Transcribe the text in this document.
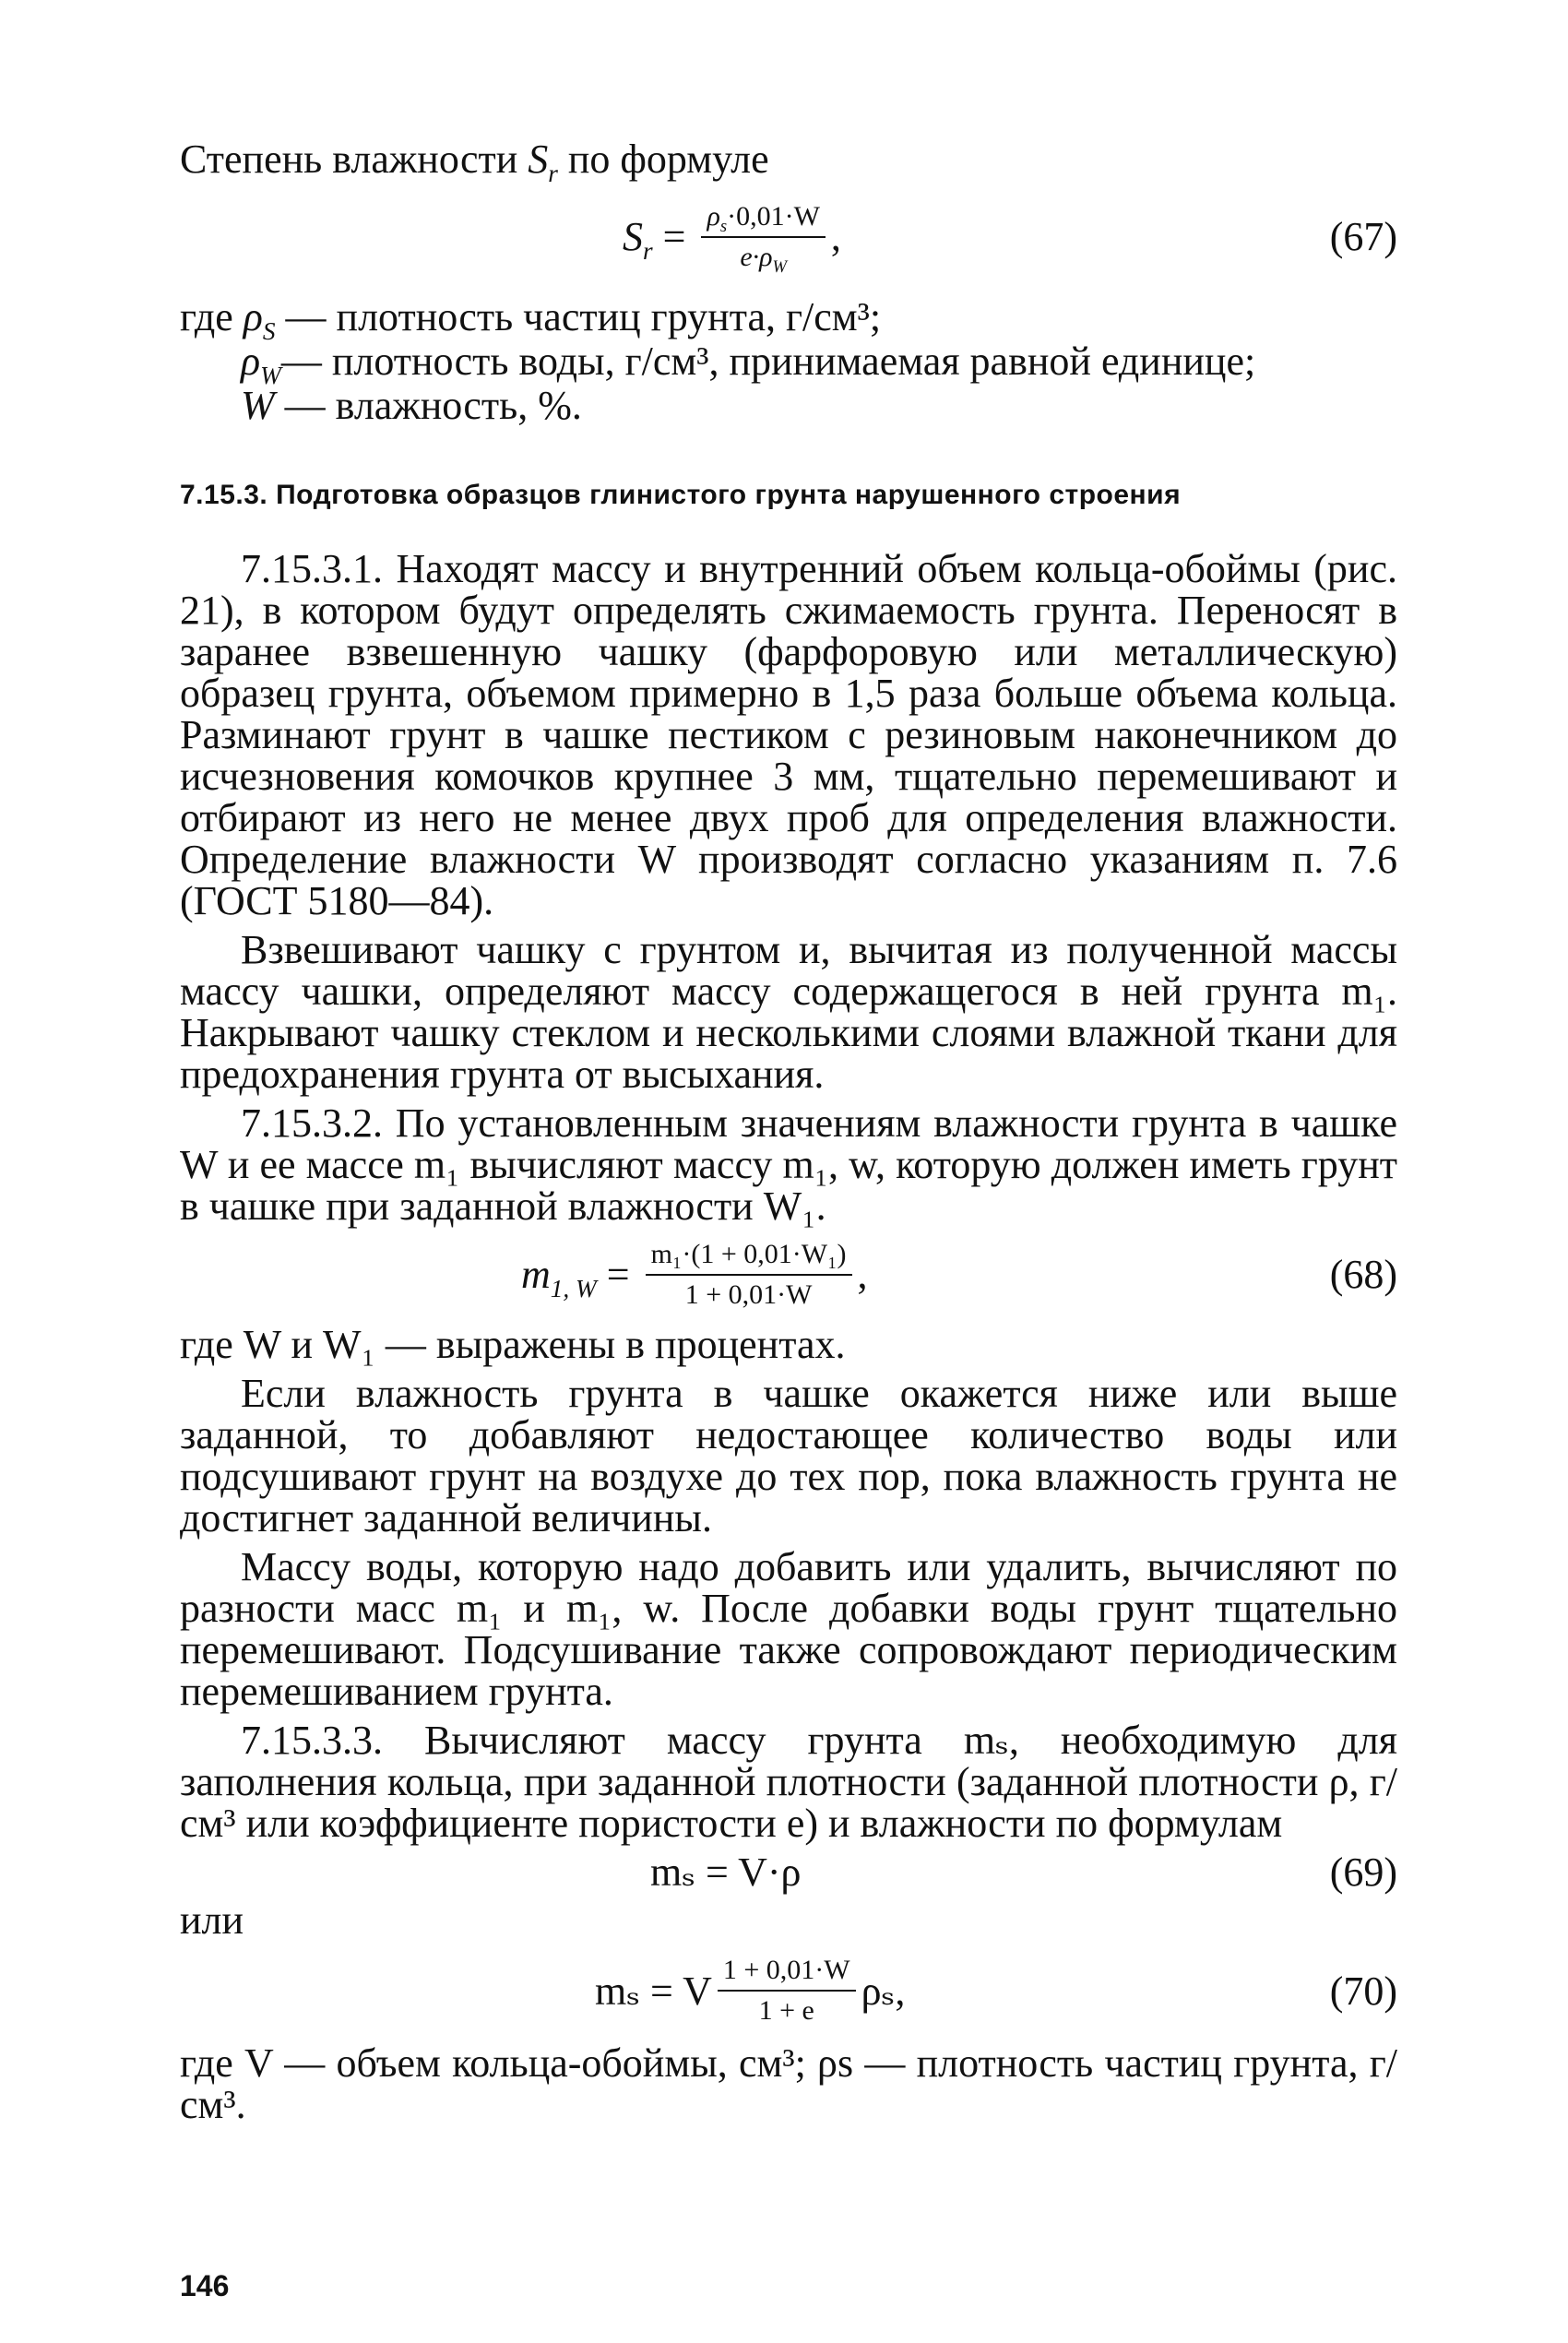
Степень влажности $S_r$ по формуле

$S_r = \frac{\rho_s\cdot 0,01\cdot W}{e\cdot\rho_W}$ ,	(67)
где $\rho_S$ — плотность частиц грунта, г/см³;
$\rho_W—$ плотность воды, г/см³, принимаемая равной единице;
W — влажность, %.
7.15.3. Подготовка образцов глинистого грунта нарушенного строения

7.15.3.1. Находят массу и внутренний объем кольца-обоймы (рис. 21), в котором будут определять сжимаемость грунта. Переносят в заранее взвешенную чашку (фарфоровую или металлическую) образец грунта, объемом примерно в 1,5 раза больше объема кольца. Разминают грунт в чашке пестиком с резиновым наконечником до исчезновения комочков крупнее 3 мм, тщательно перемешивают и отбирают из него не менее двух проб для определения влажности. Определение влажности W производят согласно указаниям п. 7.6 (ГОСТ 5180—84).

Взвешивают чашку с грунтом и, вычитая из полученной массы массу чашки, определяют массу содержащегося в ней грунта m₁. Накрывают чашку стеклом и несколькими слоями влажной ткани для предохранения грунта от высыхания.

7.15.3.2. По установленным значениям влажности грунта в чашке W и ее массе m₁ вычисляют массу m₁, w, которую должен иметь грунт в чашке при заданной влажности W₁.

$m_{1, W} = \frac{\text{m₁·(1 + 0,01·W₁)}}{1 + 0,01\cdot W}$ ,	(68)

где W и W₁ — выражены в процентах.

Если влажность грунта в чашке окажется ниже или выше заданной, то добавляют недостающее количество воды или подсушивают грунт на воздухе до тех пор, пока влажность грунта не достигнет заданной величины.

Массу воды, которую надо добавить или удалить, вычисляют по разности масс m₁ и m₁, w. После добавки воды грунт тщательно перемешивают. Подсушивание также сопровождают периодическим перемешиванием грунта.

7.15.3.3. Вычисляют массу грунта mₛ, необходимую для заполнения кольца, при заданной плотности (заданной плотности ρ, г/см³ или коэффициенте пористости e) и влажности по формулам

mₛ = V·ρ	(69)

или

mₛ = V $\frac{1 + 0,01\cdot W}{1 + e} \rho_s$,	(70)

где V — объем кольца-обоймы, см³; ρs — плотность частиц грунта, г/см³.

146
